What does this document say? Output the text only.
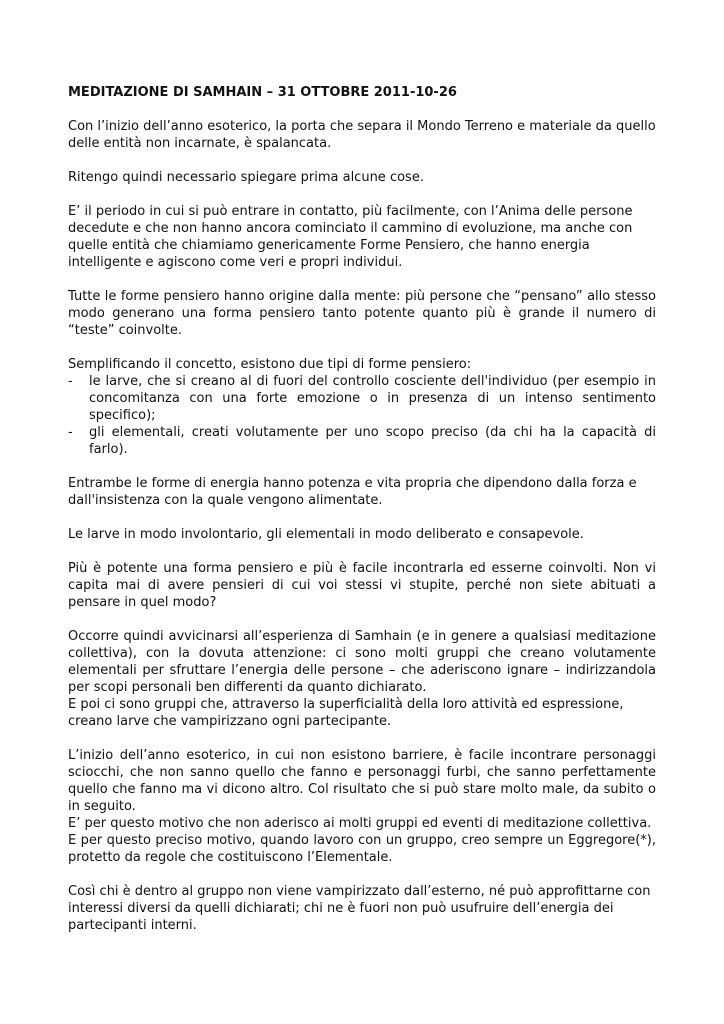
MEDITAZIONE DI SAMHAIN – 31 OTTOBRE 2011-10-26

Con l’inizio dell’anno esoterico, la porta che separa il Mondo Terreno e materiale da quello delle entità non incarnate, è spalancata.

Ritengo quindi necessario spiegare prima alcune cose.

E’ il periodo in cui si può entrare in contatto, più facilmente, con l’Anima delle persone decedute e che non hanno ancora cominciato il cammino di evoluzione, ma anche con quelle entità che chiamiamo genericamente Forme Pensiero, che hanno energia intelligente e agiscono come veri e propri individui.

Tutte le forme pensiero hanno origine dalla mente: più persone che “pensano” allo stesso modo generano una forma pensiero tanto potente quanto più è grande il numero di “teste” coinvolte.

Semplificando il concetto, esistono due tipi di forme pensiero:

- le larve, che si creano al di fuori del controllo cosciente dell'individuo (per esempio in concomitanza con una forte emozione o in presenza di un intenso sentimento specifico);
- gli elementali, creati volutamente per uno scopo preciso (da chi ha la capacità di farlo).

Entrambe le forme di energia hanno potenza e vita propria che dipendono dalla forza e dall'insistenza con la quale vengono alimentate.

Le larve in modo involontario, gli elementali in modo deliberato e consapevole.

Più è potente una forma pensiero e più è facile incontrarla ed esserne coinvolti. Non vi capita mai di avere pensieri di cui voi stessi vi stupite, perché non siete abituati a pensare in quel modo?

Occorre quindi avvicinarsi all’esperienza di Samhain (e in genere a qualsiasi meditazione collettiva), con la dovuta attenzione: ci sono molti gruppi che creano volutamente elementali per sfruttare l’energia delle persone – che aderiscono ignare – indirizzandola per scopi personali ben differenti da quanto dichiarato.

E poi ci sono gruppi che, attraverso la superficialità della loro attività ed espressione, creano larve che vampirizzano ogni partecipante.

L’inizio dell’anno esoterico, in cui non esistono barriere, è facile incontrare personaggi sciocchi, che non sanno quello che fanno e personaggi furbi, che sanno perfettamente quello che fanno ma vi dicono altro. Col risultato che si può stare molto male, da subito o in seguito.

E’ per questo motivo che non aderisco ai molti gruppi ed eventi di meditazione collettiva.

E per questo preciso motivo, quando lavoro con un gruppo, creo sempre un Eggregore(*), protetto da regole che costituiscono l’Elementale.

Così chi è dentro al gruppo non viene vampirizzato dall’esterno, né può approfittarne con interessi diversi da quelli dichiarati; chi ne è fuori non può usufruire dell’energia dei partecipanti interni.
